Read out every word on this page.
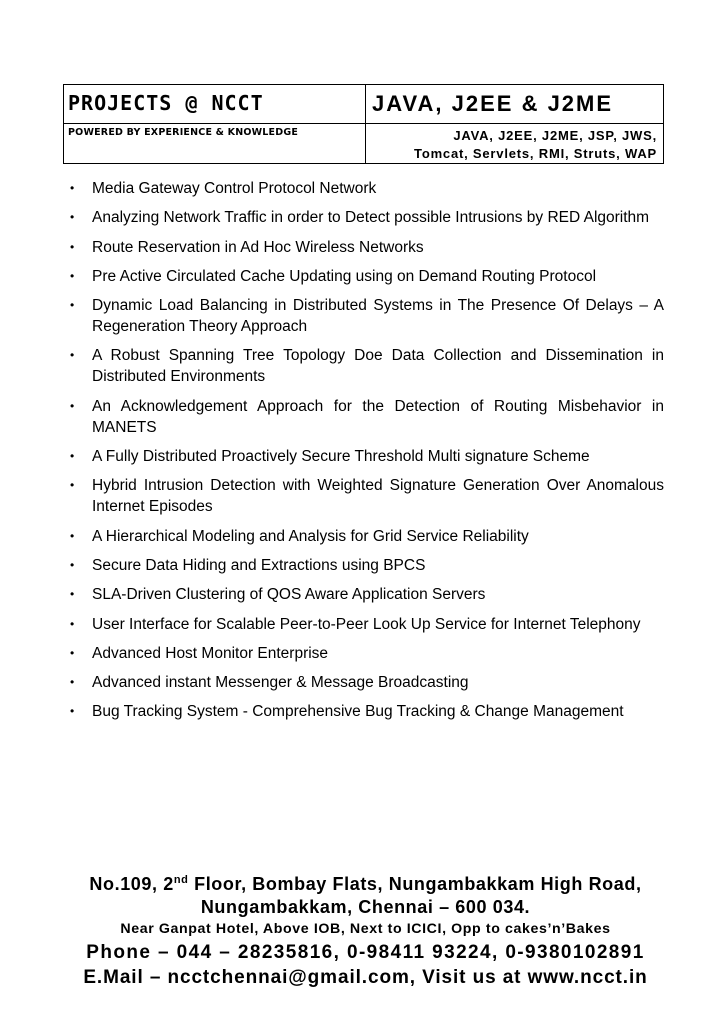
PROJECTS @ NCCT
POWERED BY EXPERIENCE & KNOWLEDGE
JAVA, J2EE & J2ME
JAVA, J2EE, J2ME, JSP, JWS,
Tomcat, Servlets, RMI, Struts, WAP
• Media Gateway Control Protocol Network
• Analyzing Network Traffic in order to Detect possible Intrusions by RED Algorithm
• Route Reservation in Ad Hoc Wireless Networks
• Pre Active Circulated Cache Updating using on Demand Routing Protocol
• Dynamic Load Balancing in Distributed Systems in The Presence Of Delays – A Regeneration Theory Approach
• A Robust Spanning Tree Topology Doe Data Collection and Dissemination in Distributed Environments
• An Acknowledgement Approach for the Detection of Routing Misbehavior in MANETS
• A Fully Distributed Proactively Secure Threshold Multi signature Scheme
• Hybrid Intrusion Detection with Weighted Signature Generation Over Anomalous Internet Episodes
• A Hierarchical Modeling and Analysis for Grid Service Reliability
• Secure Data Hiding and Extractions using BPCS
• SLA-Driven Clustering of QOS Aware Application Servers
• User Interface for Scalable Peer-to-Peer Look Up Service for Internet Telephony
• Advanced Host Monitor Enterprise
• Advanced instant Messenger & Message Broadcasting
• Bug Tracking System - Comprehensive Bug Tracking & Change Management
No.109, 2nd Floor, Bombay Flats, Nungambakkam High Road,
Nungambakkam, Chennai – 600 034.
Near Ganpat Hotel, Above IOB, Next to ICICI, Opp to cakes’n’Bakes
Phone – 044 – 28235816, 0-98411 93224, 0-9380102891
E.Mail – ncctchennai@gmail.com, Visit us at www.ncct.in
